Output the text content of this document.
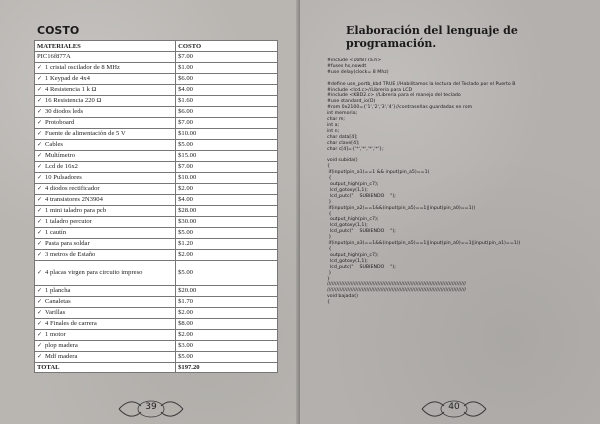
COSTO
MATERIALES	COSTO
PIC16f877A	$7.00
✓ 1 cristal oscilador de 8 MHz	$1.00
✓ 1 Keypad de 4x4	$6.00
✓ 4 Resistencia 1 k Ω	$4.00
✓ 16 Resistencia 220 Ω	$1.60
✓ 30 diodos leds	$6.00
✓ Protoboard	$7.00
✓ Fuente de alimentación de 5 V	$10.00
✓ Cables	$5.00
✓ Multímetro	$15.00
✓ Lcd de 16x2	$7.00
✓ 10 Pulsadores	$10.00
✓ 4 diodos rectificador	$2.00
✓ 4 transistores 2N3904	$4.00
✓ 1 mini taladro para pcb	$28.00
✓ 1 taladro percutor	$30.00
✓ 1 cautín	$5.00
✓ Pasta para soldar	$1.20
✓ 3 metros de Estaño	$2.00
✓ 4 placas virgen para circuito impreso	$5.00
✓ 1 plancha	$20.00
✓ Canaletas	$1.70
✓ Varillas	$2.00
✓ 4 Finales de carrera	$8.00
✓ 1 motor	$2.00
✓ plop madera	$3.00
✓ Mdf madera	$5.00
TOTAL	$197.20
39
Elaboración del lenguaje de programación.
#include <16f877a.h>
#fuses hs,nowdt
#use delay(clock= 8 Mhz)

#define use_portb_kbd TRUE //Habilitamos la lectura del Teclado por el Puerto B
#include <lcd.c>//Libreria para LCD
#include <KBD2.c> //Libreria para el manejo del teclado
#use standard_io(D)
#rom 0x2100={'1','2','3','4'}//contraseñas guardadas en rom
int memoria;
char m;
int a;
int n;
char data[4];
char clave[4];
char c[4]={'*','*','*','*'};

void subida()
{
if(input(pin_a1)==1 && input(pin_a5)==1)
{
output_high(pin_c7);
lcd_gotoxy(1,1);
lcd_putc("    SUBIENDO    ");
}
if(input(pin_a2)==1&&(input(pin_a5)==1||input(pin_a0)==1))
{
output_high(pin_c7);
lcd_gotoxy(1,1);
lcd_putc("    SUBIENDO    ");
}
if(input(pin_a3)==1&&(input(pin_a5)==1||input(pin_a0)==1||input(pin_a1)==1))
{
output_high(pin_c7);
lcd_gotoxy(1,1);
lcd_putc("    SUBIENDO    ");
}
}
////////////////////////////////////////////////////////////////////////////////////////
////////////////////////////////////////////////////////////////////////////////////////
void bajada()
{

40
